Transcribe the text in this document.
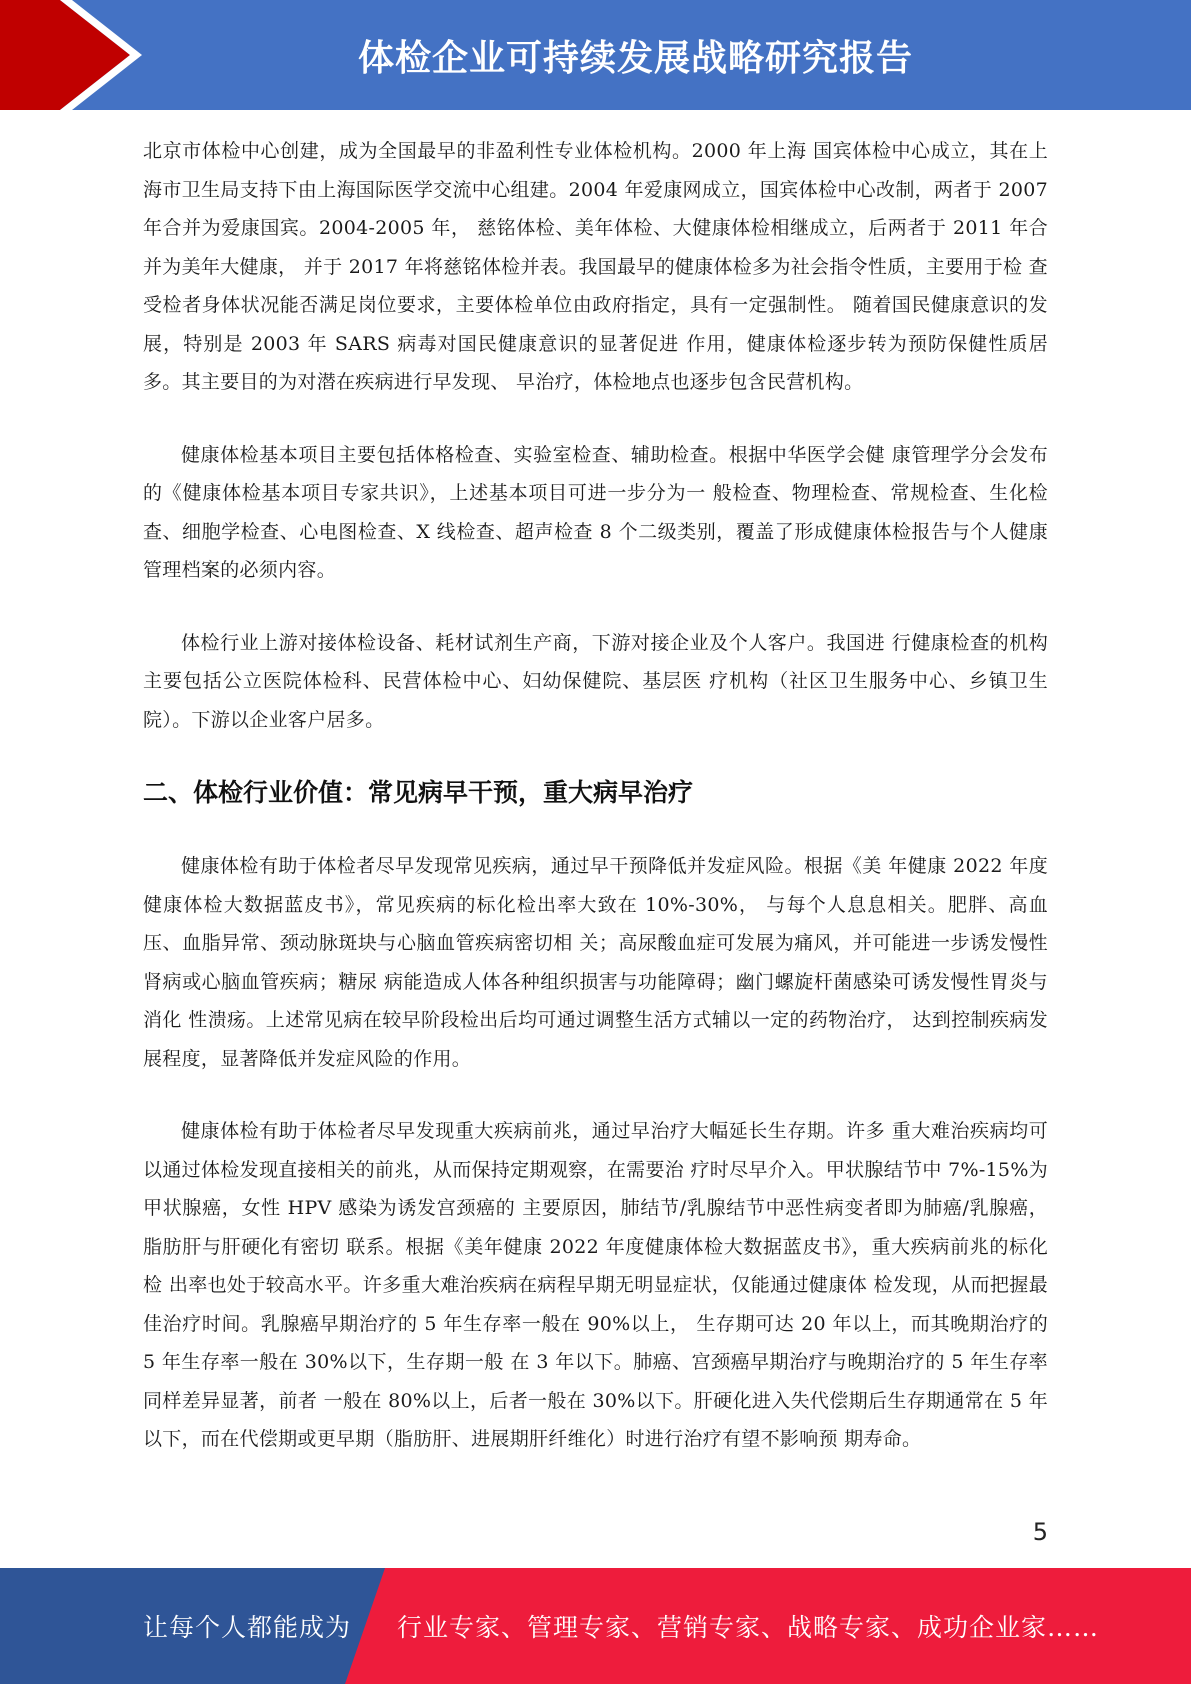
体检企业可持续发展战略研究报告

北京市体检中心创建，成为全国最早的非盈利性专业体检机构。2000 年上海 国宾体检中心成立，其在上海市卫生局支持下由上海国际医学交流中心组建。2004 年爱康网成立，国宾体检中心改制，两者于 2007 年合并为爱康国宾。2004-2005 年， 慈铭体检、美年体检、大健康体检相继成立，后两者于 2011 年合并为美年大健康， 并于 2017 年将慈铭体检并表。我国最早的健康体检多为社会指令性质，主要用于检 查受检者身体状况能否满足岗位要求，主要体检单位由政府指定，具有一定强制性。 随着国民健康意识的发展，特别是 2003 年 SARS 病毒对国民健康意识的显著促进 作用，健康体检逐步转为预防保健性质居多。其主要目的为对潜在疾病进行早发现、 早治疗，体检地点也逐步包含民营机构。

健康体检基本项目主要包括体格检查、实验室检查、辅助检查。根据中华医学会健 康管理学分会发布的《健康体检基本项目专家共识》，上述基本项目可进一步分为一 般检查、物理检查、常规检查、生化检查、细胞学检查、心电图检查、X 线检查、超声检查 8 个二级类别，覆盖了形成健康体检报告与个人健康管理档案的必须内容。

体检行业上游对接体检设备、耗材试剂生产商，下游对接企业及个人客户。我国进 行健康检查的机构主要包括公立医院体检科、民营体检中心、妇幼保健院、基层医 疗机构（社区卫生服务中心、乡镇卫生院）。下游以企业客户居多。

二、体检行业价值：常见病早干预，重大病早治疗

健康体检有助于体检者尽早发现常见疾病，通过早干预降低并发症风险。根据《美 年健康 2022 年度健康体检大数据蓝皮书》，常见疾病的标化检出率大致在 10%-30%， 与每个人息息相关。肥胖、高血压、血脂异常、颈动脉斑块与心脑血管疾病密切相 关；高尿酸血症可发展为痛风，并可能进一步诱发慢性肾病或心脑血管疾病；糖尿 病能造成人体各种组织损害与功能障碍；幽门螺旋杆菌感染可诱发慢性胃炎与消化 性溃疡。上述常见病在较早阶段检出后均可通过调整生活方式辅以一定的药物治疗， 达到控制疾病发展程度，显著降低并发症风险的作用。

健康体检有助于体检者尽早发现重大疾病前兆，通过早治疗大幅延长生存期。许多 重大难治疾病均可以通过体检发现直接相关的前兆，从而保持定期观察，在需要治 疗时尽早介入。甲状腺结节中 7%-15%为甲状腺癌，女性 HPV 感染为诱发宫颈癌的 主要原因，肺结节/乳腺结节中恶性病变者即为肺癌/乳腺癌，脂肪肝与肝硬化有密切 联系。根据《美年健康 2022 年度健康体检大数据蓝皮书》，重大疾病前兆的标化检 出率也处于较高水平。许多重大难治疾病在病程早期无明显症状，仅能通过健康体 检发现，从而把握最佳治疗时间。乳腺癌早期治疗的 5 年生存率一般在 90%以上， 生存期可达 20 年以上，而其晚期治疗的 5 年生存率一般在 30%以下，生存期一般 在 3 年以下。肺癌、宫颈癌早期治疗与晚期治疗的 5 年生存率同样差异显著，前者 一般在 80%以上，后者一般在 30%以下。肝硬化进入失代偿期后生存期通常在 5 年 以下，而在代偿期或更早期（脂肪肝、进展期肝纤维化）时进行治疗有望不影响预 期寿命。

5
让每个人都能成为 行业专家、管理专家、营销专家、战略专家、成功企业家……
